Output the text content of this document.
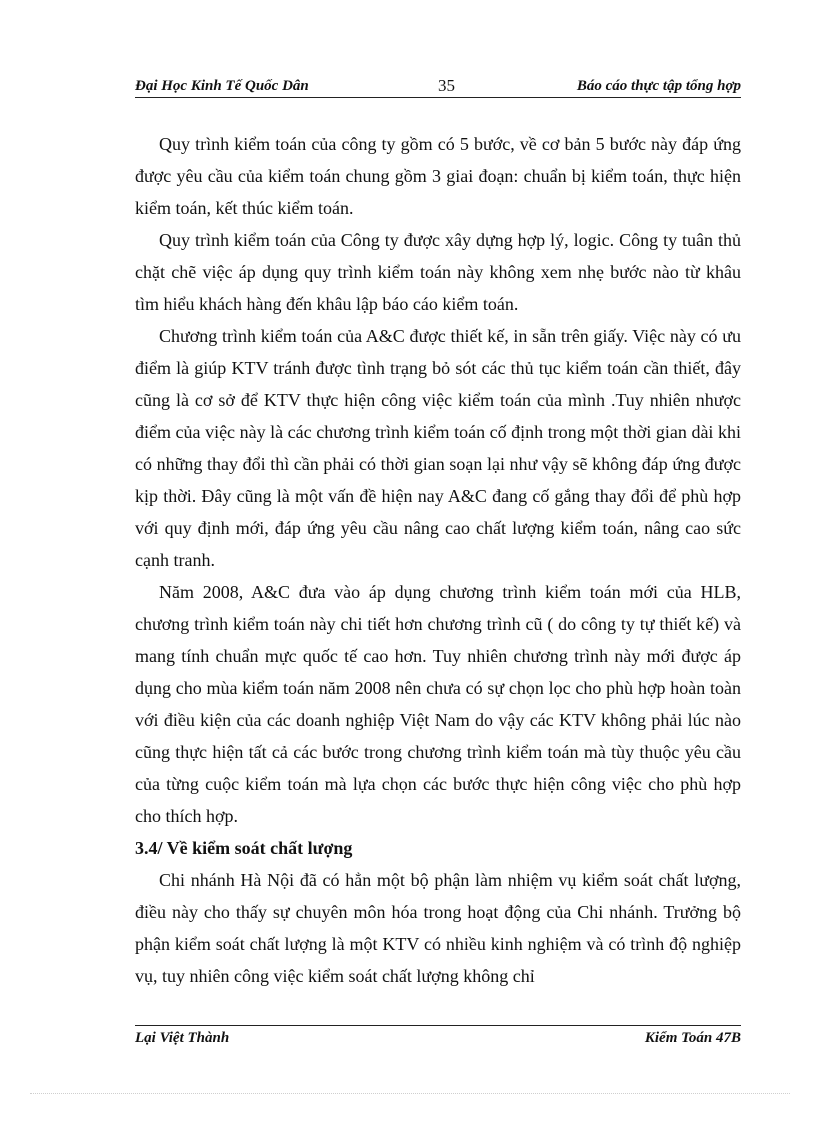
Đại Học Kinh Tế Quốc Dân	35	Báo cáo thực tập tổng hợp

Quy trình kiểm toán của công ty gồm có 5 bước, về cơ bản 5 bước này đáp ứng được yêu cầu của kiểm toán chung gồm 3 giai đoạn: chuẩn bị kiểm toán, thực hiện kiểm toán, kết thúc kiểm toán.

Quy trình kiểm toán của Công ty được xây dựng hợp lý, logic. Công ty tuân thủ chặt chẽ việc áp dụng quy trình kiểm toán này không xem nhẹ bước nào từ khâu tìm hiểu khách hàng đến khâu lập báo cáo kiểm toán.

Chương trình kiểm toán của A&C được thiết kế, in sẵn trên giấy. Việc này có ưu điểm là giúp KTV tránh được tình trạng bỏ sót các thủ tục kiểm toán cần thiết, đây cũng là cơ sở để KTV thực hiện công việc kiểm toán của mình .Tuy nhiên nhược điểm của việc này là các chương trình kiểm toán cố định trong một thời gian dài khi có những thay đổi thì cần phải có thời gian soạn lại như vậy sẽ không đáp ứng được kịp thời. Đây cũng là một vấn đề hiện nay A&C đang cố gắng thay đổi để phù hợp với quy định mới, đáp ứng yêu cầu nâng cao chất lượng kiểm toán, nâng cao sức cạnh tranh.

Năm 2008, A&C đưa vào áp dụng chương trình kiểm toán mới của HLB, chương trình kiểm toán này chi tiết hơn chương trình cũ ( do công ty tự thiết kế) và mang tính chuẩn mực quốc tế cao hơn. Tuy nhiên chương trình này mới được áp dụng cho mùa kiểm toán năm 2008 nên chưa có sự chọn lọc cho phù hợp hoàn toàn với điều kiện của các doanh nghiệp Việt Nam do vậy các KTV không phải lúc nào cũng thực hiện tất cả các bước trong chương trình kiểm toán mà tùy thuộc yêu cầu của từng cuộc kiểm toán mà lựa chọn các bước thực hiện công việc cho phù hợp cho thích hợp.

3.4/ Về kiểm soát chất lượng

Chi nhánh Hà Nội đã có hẳn một bộ phận làm nhiệm vụ kiểm soát chất lượng, điều này cho thấy sự chuyên môn hóa trong hoạt động của Chi nhánh. Trưởng bộ phận kiểm soát chất lượng là một KTV có nhiều kinh nghiệm và có trình độ nghiệp vụ, tuy nhiên công việc kiểm soát chất lượng không chỉ

Lại Việt Thành	Kiểm Toán 47B
